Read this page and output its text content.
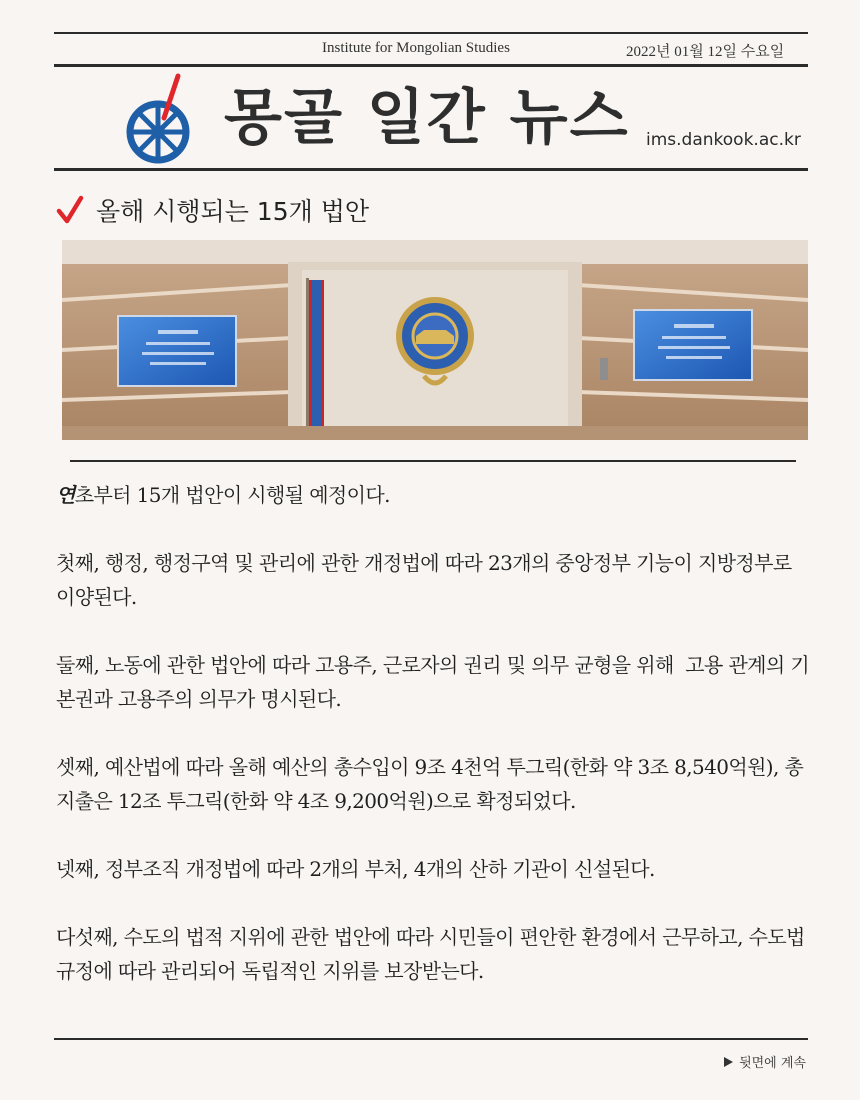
Institute for Mongolian Studies	2022년 01월 12일 수요일
몽골 일간 뉴스 ims.dankook.ac.kr
올해 시행되는 15개 법안

연초부터 15개 법안이 시행될 예정이다.

첫째, 행정, 행정구역 및 관리에 관한 개정법에 따라 23개의 중앙정부 기능이 지방정부로 이양된다.

둘째, 노동에 관한 법안에 따라 고용주, 근로자의 권리 및 의무 균형을 위해  고용 관계의 기본권과 고용주의 의무가 명시된다.

셋째, 예산법에 따라 올해 예산의 총수입이 9조 4천억 투그릭(한화 약 3조 8,540억원), 총지출은 12조 투그릭(한화 약 4조 9,200억원)으로 확정되었다.

넷째, 정부조직 개정법에 따라 2개의 부처, 4개의 산하 기관이 신설된다.

다섯째, 수도의 법적 지위에 관한 법안에 따라 시민들이 편안한 환경에서 근무하고, 수도법 규정에 따라 관리되어 독립적인 지위를 보장받는다.

뒷면에 계속
